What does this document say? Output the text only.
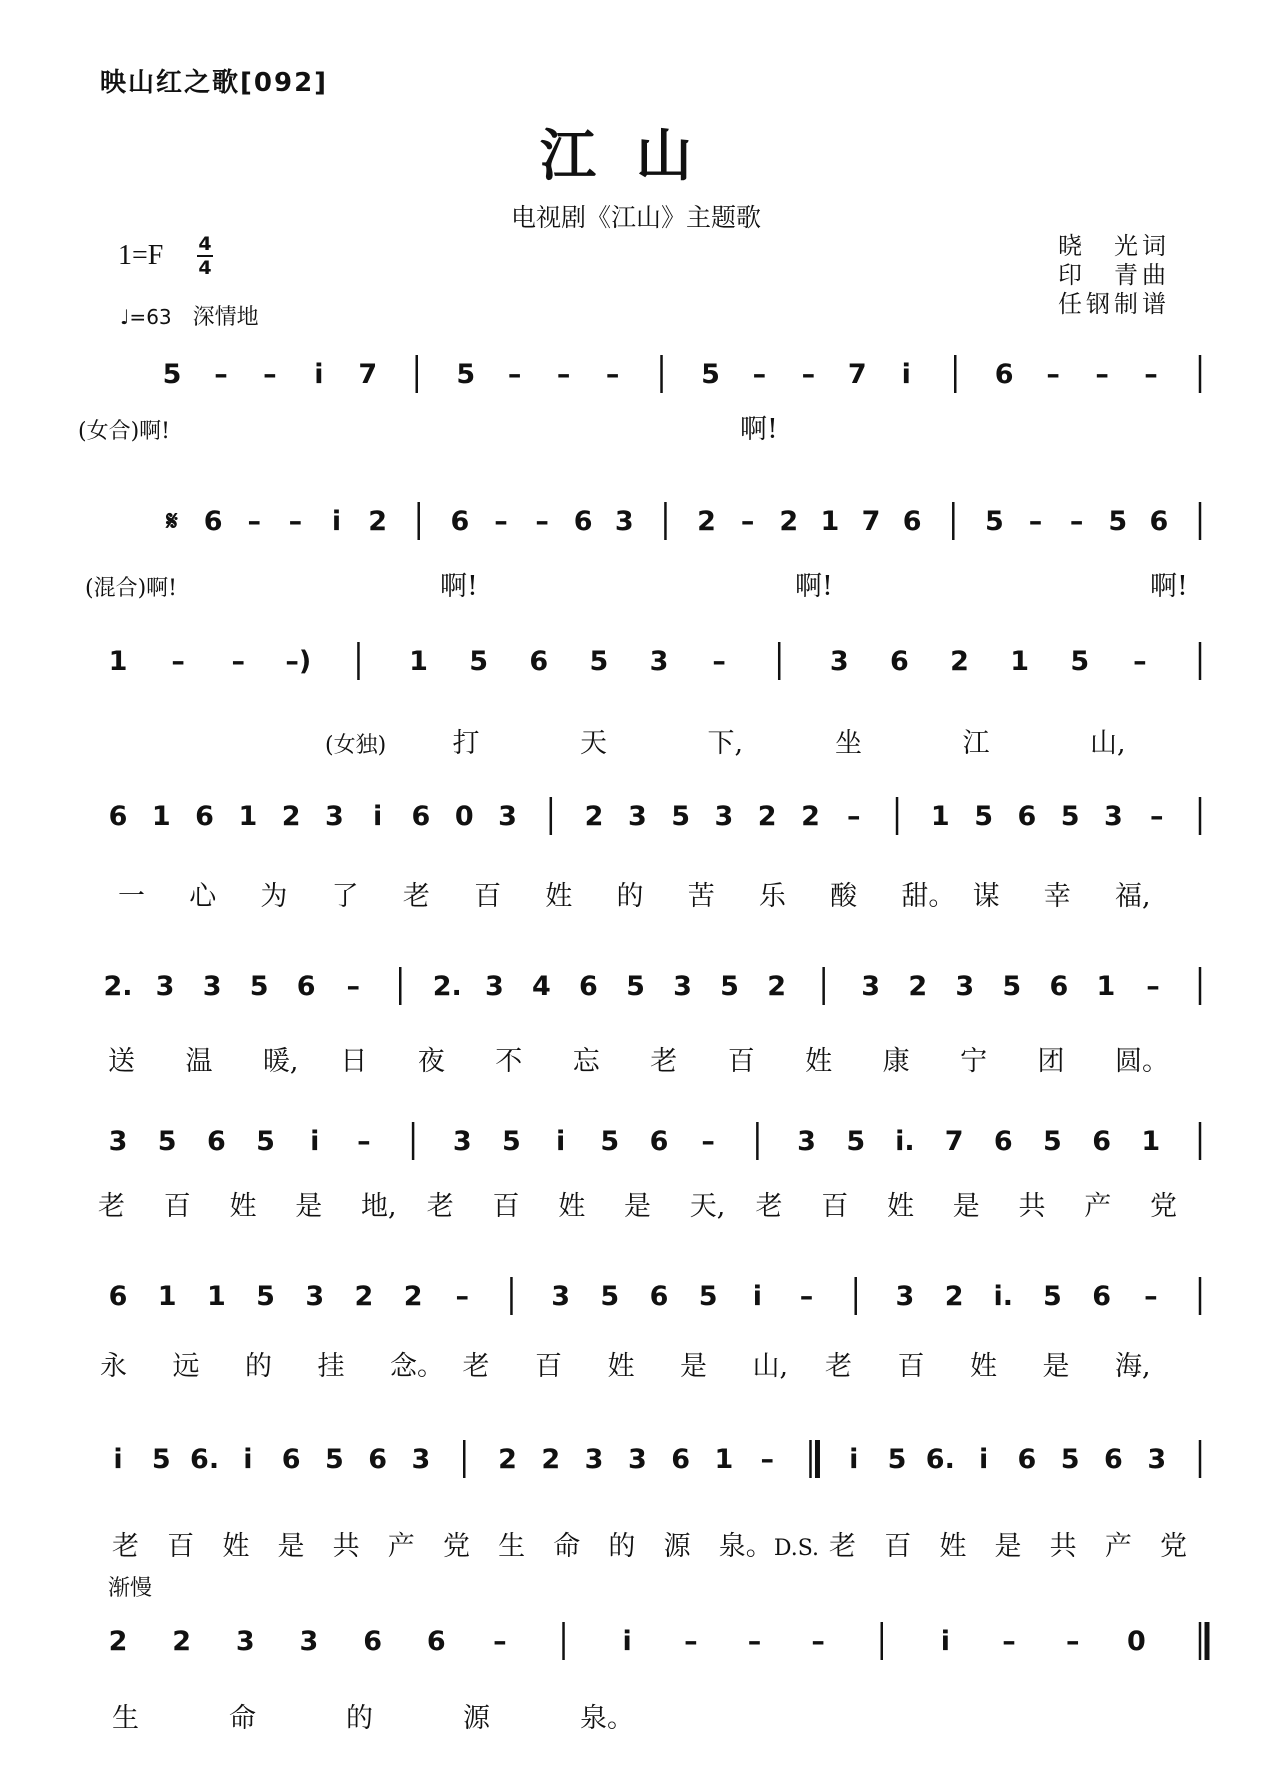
映山红之歌[092]
江山
电视剧《江山》主题歌
1=F 4
4
♩=63 深情地
晓　光词
印　青曲
任钢制谱
5 – – i 7	5 – – –	5 – – 7 i	6 – – –
(女合)啊!	啊!
𝄋 6 – – i 2 6 – – 6 3 2 – 2 1 7 6 5 – – 5 6
(混合)啊!	啊!	啊!	啊!
1 – – –)	1 5 6 5 3 –	3 6 2 1 5 –
(女独) 打	天	下,	坐	江	山,
6 1 6 1 2 3 i 6 0 3	2 3 5 3 2 2 –	1 5 6 5 3 –
一 心 为 了 老 百 姓 的 苦 乐 酸 甜。 谋 幸 福,
2. 3 3 5 6 –	2. 3 4 6 5 3 5 2	3 2 3 5 6 1 –
送 温 暖, 日 夜 不 忘 老 百 姓 康 宁 团 圆。
3 5 6 5 i –	3 5 i 5 6 –	3 5 i. 7 6 5 6 1
老 百 姓 是 地, 老 百 姓 是 天, 老 百 姓 是 共 产 党
6 1 1 5 3 2 2 –	3 5 6 5 i –	3 2 i. 5 6 –
永 远 的 挂 念。 老 百 姓 是 山, 老 百 姓 是 海,
i 5 6. i 6 5 6 3	2 2 3 3 6 1 –	i 5 6. i 6 5 6 3
老 百 姓 是 共 产 党 生 命 的 源 泉。 D.S. 老 百 姓 是 共 产 党
2 2 3 3 6 6 –	i – – –	i – – 0
渐慢
生	命	的	源	泉。
